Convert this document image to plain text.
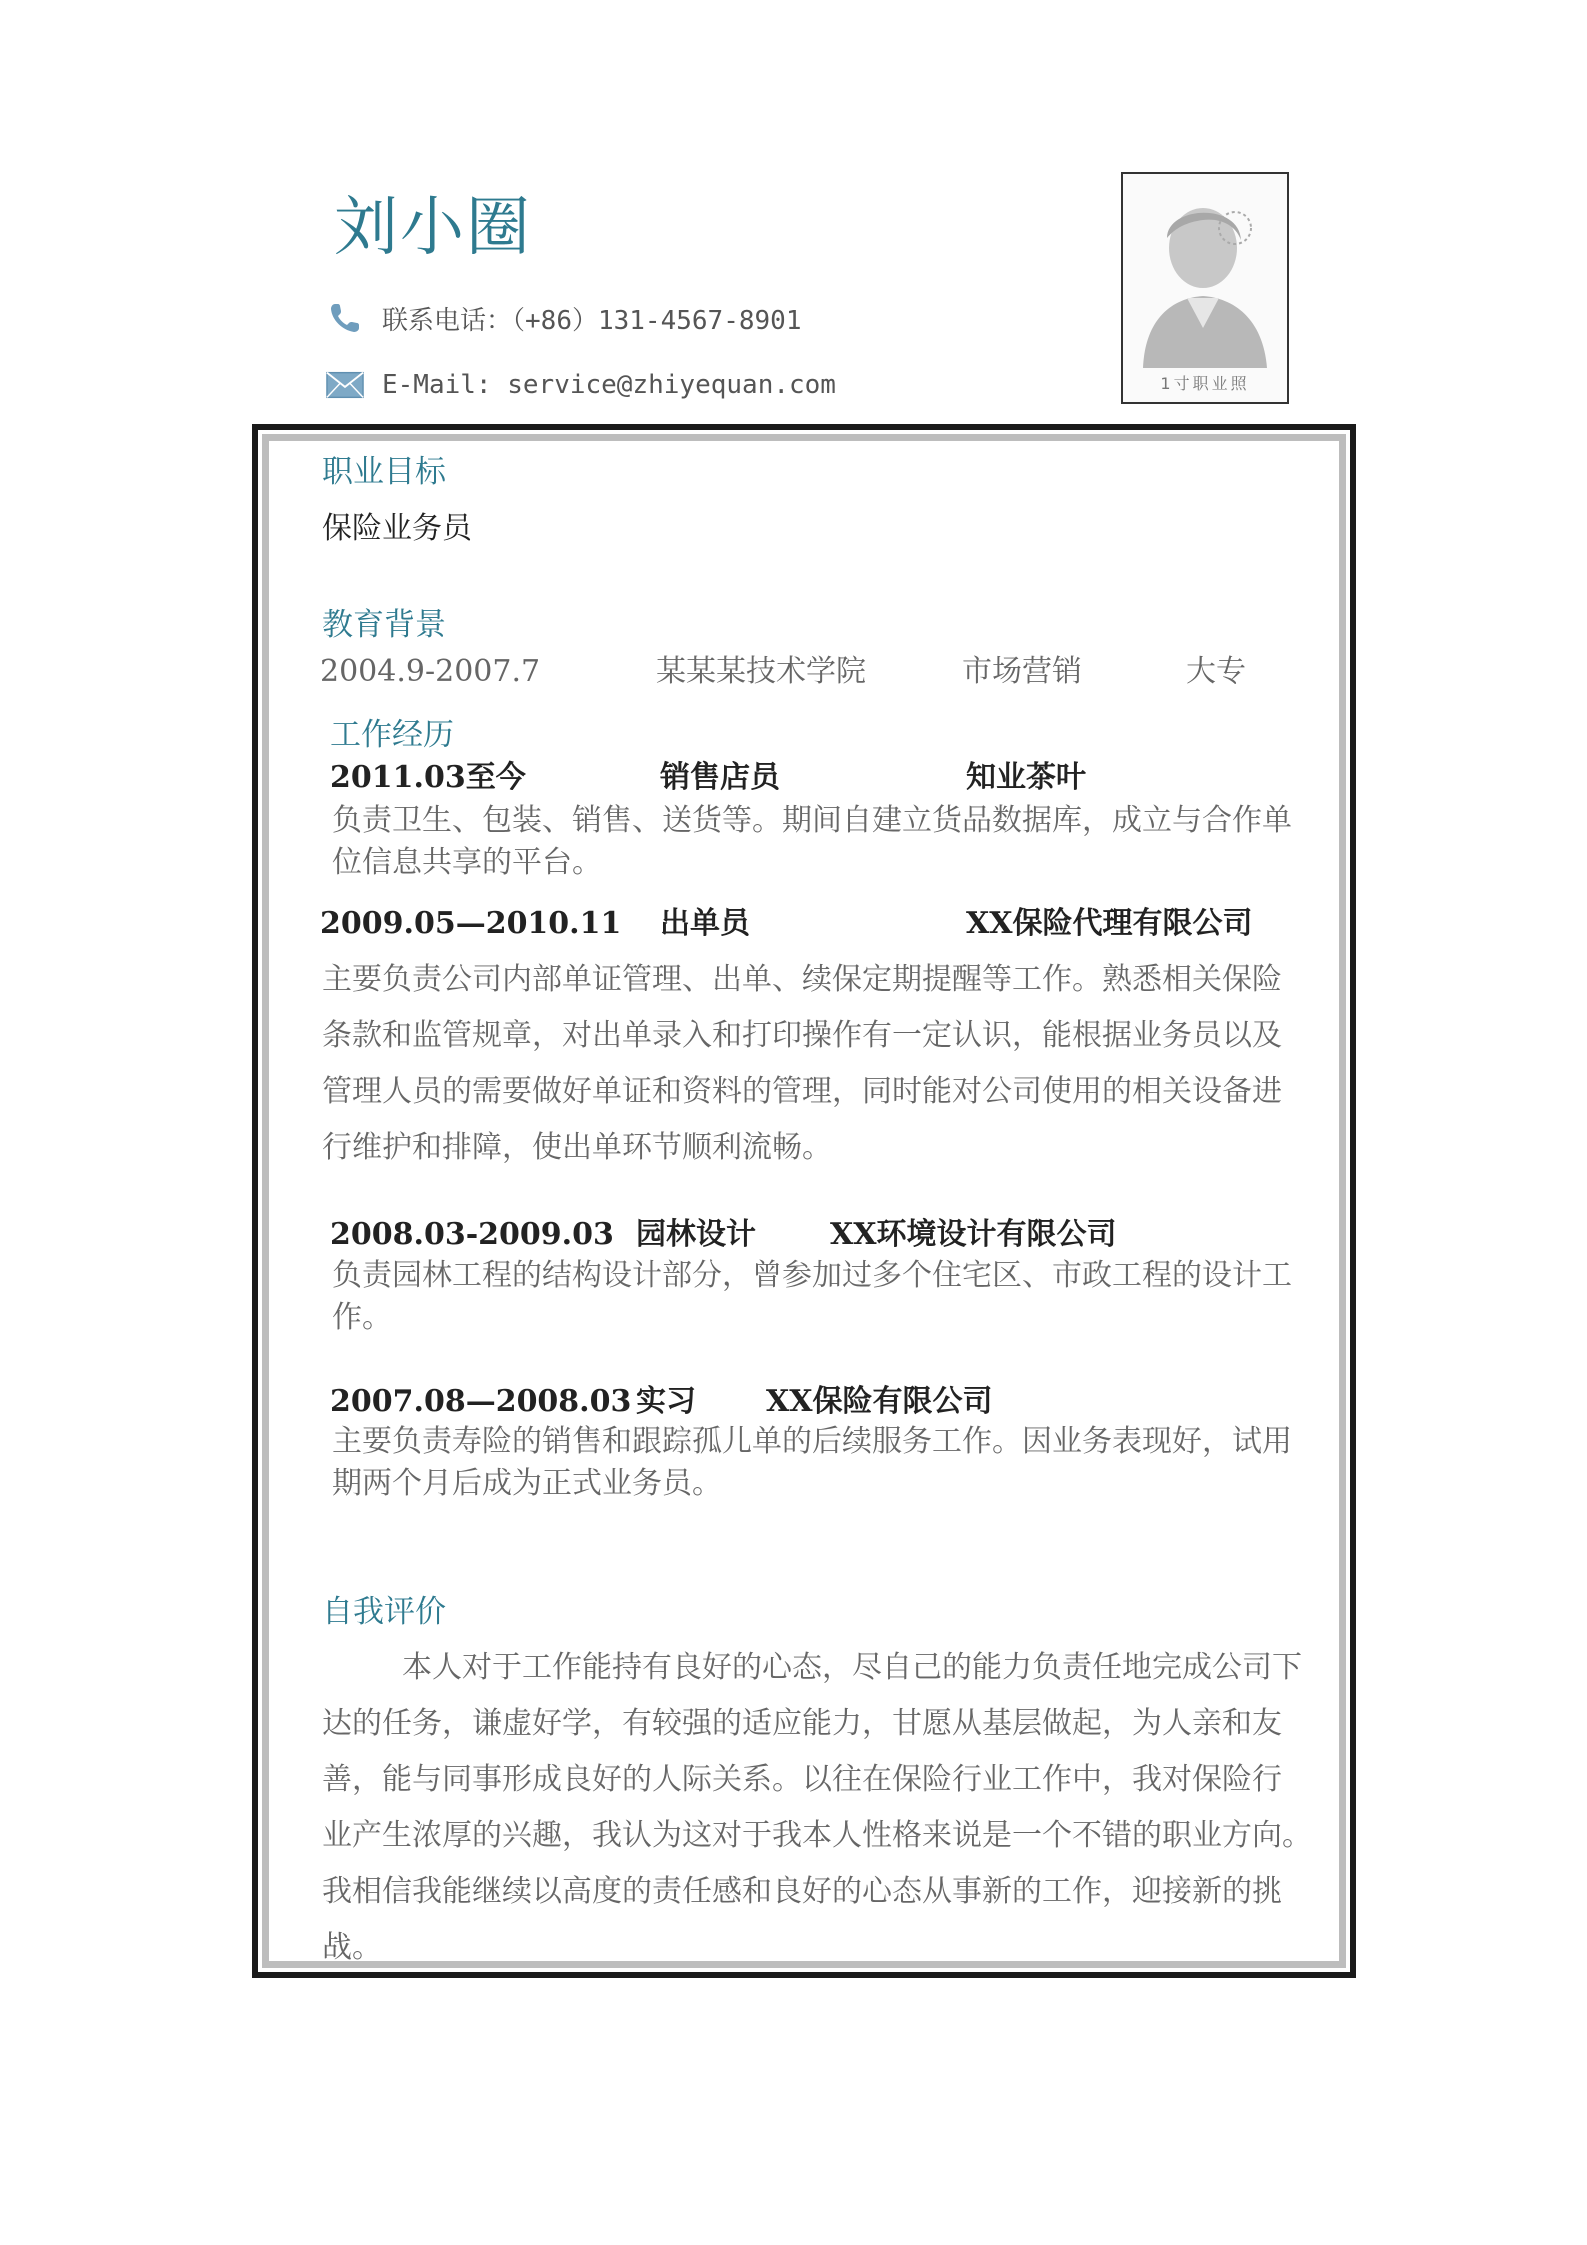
刘小圈
联系电话：（+86）131-4567-8901
E-Mail: service@zhiyequan.com	1寸职业照
职业目标
保险业务员
教育背景
2004.9-2007.7	某某某技术学院	市场营销	大专
工作经历
2011.03至今	销售店员	知业茶叶
负责卫生、包装、销售、送货等。期间自建立货品数据库，成立与合作单
位信息共享的平台。
2009.05—2010.11 出单员	XX保险代理有限公司
主要负责公司内部单证管理、出单、续保定期提醒等工作。熟悉相关保险
条款和监管规章，对出单录入和打印操作有一定认识，能根据业务员以及
管理人员的需要做好单证和资料的管理，同时能对公司使用的相关设备进
行维护和排障，使出单环节顺利流畅。
2008.03-2009.03 园林设计 XX环境设计有限公司
负责园林工程的结构设计部分，曾参加过多个住宅区、市政工程的设计工
作。
2007.08—2008.03 实习 XX保险有限公司
主要负责寿险的销售和跟踪孤儿单的后续服务工作。因业务表现好，试用
期两个月后成为正式业务员。
自我评价
本人对于工作能持有良好的心态，尽自己的能力负责任地完成公司下
达的任务，谦虚好学，有较强的适应能力，甘愿从基层做起，为人亲和友
善，能与同事形成良好的人际关系。以往在保险行业工作中，我对保险行
业产生浓厚的兴趣，我认为这对于我本人性格来说是一个不错的职业方向。
我相信我能继续以高度的责任感和良好的心态从事新的工作，迎接新的挑
战。
